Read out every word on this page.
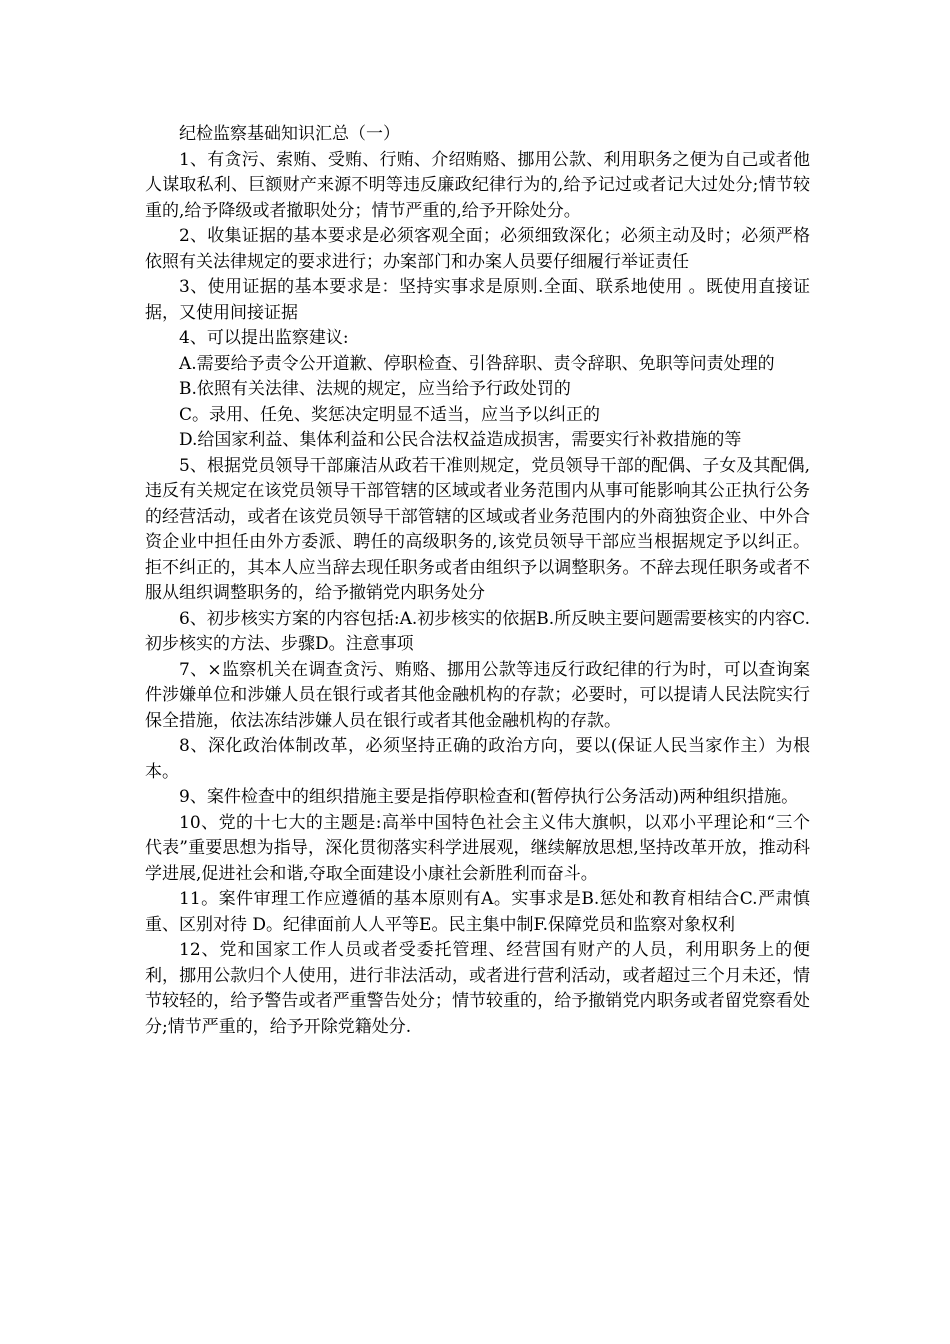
纪检监察基础知识汇总（一）

1、有贪污、索贿、受贿、行贿、介绍贿赂、挪用公款、利用职务之便为自己或者他人谋取私利、巨额财产来源不明等违反廉政纪律行为的,给予记过或者记大过处分;情节较重的,给予降级或者撤职处分；情节严重的,给予开除处分。

2、收集证据的基本要求是必须客观全面；必须细致深化；必须主动及时；必须严格依照有关法律规定的要求进行；办案部门和办案人员要仔细履行举证责任

3、使用证据的基本要求是：坚持实事求是原则.全面、联系地使用 。既使用直接证据，又使用间接证据

4、可以提出监察建议:

A.需要给予责令公开道歉、停职检查、引咎辞职、责令辞职、免职等问责处理的

B.依照有关法律、法规的规定，应当给予行政处罚的

C。录用、任免、奖惩决定明显不适当，应当予以纠正的

D.给国家利益、集体利益和公民合法权益造成损害，需要实行补救措施的等

5、根据党员领导干部廉洁从政若干准则规定，党员领导干部的配偶、子女及其配偶,违反有关规定在该党员领导干部管辖的区域或者业务范围内从事可能影响其公正执行公务的经营活动，或者在该党员领导干部管辖的区域或者业务范围内的外商独资企业、中外合资企业中担任由外方委派、聘任的高级职务的,该党员领导干部应当根据规定予以纠正。拒不纠正的，其本人应当辞去现任职务或者由组织予以调整职务。不辞去现任职务或者不服从组织调整职务的，给予撤销党内职务处分

6、初步核实方案的内容包括:A.初步核实的依据B.所反映主要问题需要核实的内容C.初步核实的方法、步骤D。注意事项

7、×监察机关在调查贪污、贿赂、挪用公款等违反行政纪律的行为时，可以查询案件涉嫌单位和涉嫌人员在银行或者其他金融机构的存款；必要时，可以提请人民法院实行保全措施，依法冻结涉嫌人员在银行或者其他金融机构的存款。

8、深化政治体制改革，必须坚持正确的政治方向，要以(保证人民当家作主）为根本。

9、案件检查中的组织措施主要是指停职检查和(暂停执行公务活动)两种组织措施。

10、党的十七大的主题是:高举中国特色社会主义伟大旗帜，以邓小平理论和“三个代表”重要思想为指导，深化贯彻落实科学进展观，继续解放思想,坚持改革开放，推动科学进展,促进社会和谐,夺取全面建设小康社会新胜利而奋斗。

11。案件审理工作应遵循的基本原则有A。实事求是B.惩处和教育相结合C.严肃慎重、区别对待 D。纪律面前人人平等E。民主集中制F.保障党员和监察对象权利

12、党和国家工作人员或者受委托管理、经营国有财产的人员，利用职务上的便利，挪用公款归个人使用，进行非法活动，或者进行营利活动，或者超过三个月未还，情节较轻的，给予警告或者严重警告处分；情节较重的，给予撤销党内职务或者留党察看处分;情节严重的，给予开除党籍处分.
